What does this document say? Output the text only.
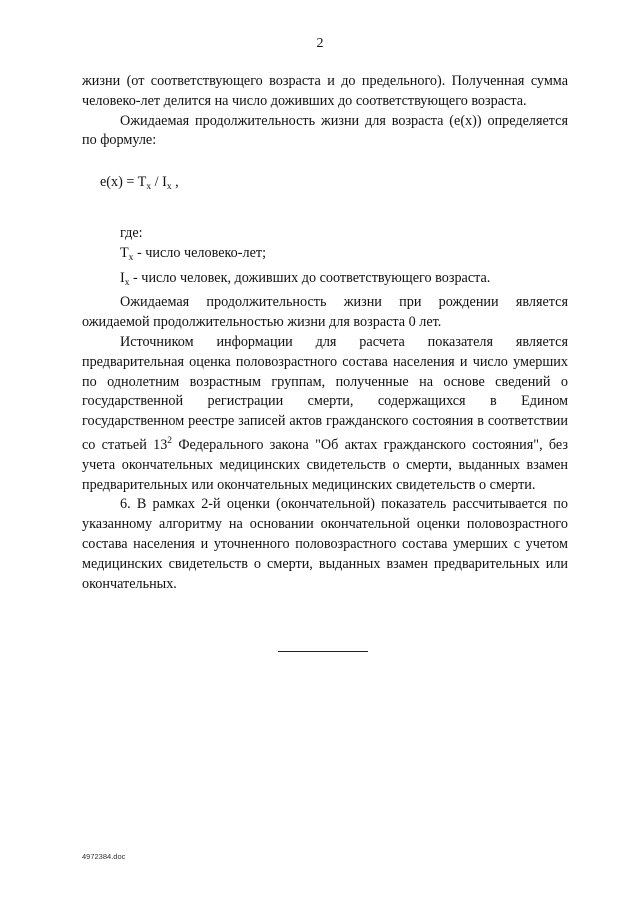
2

жизни (от соответствующего возраста и до предельного). Полученная сумма человеко-лет делится на число доживших до соответствующего возраста.

Ожидаемая продолжительность жизни для возраста (e(x)) определяется по формуле:

$e(x) = T_x / I_x$ ,

где:

$T_x$ - число человеко-лет;

$I_x$ - число человек, доживших до соответствующего возраста.

Ожидаемая продолжительность жизни при рождении является ожидаемой продолжительностью жизни для возраста 0 лет.

Источником информации для расчета показателя является предварительная оценка половозрастного состава населения и число умерших по однолетним возрастным группам, полученные на основе сведений о государственной регистрации смерти, содержащихся в Едином государственном реестре записей актов гражданского состояния в соответствии со статьей $13^2$ Федерального закона "Об актах гражданского состояния", без учета окончательных медицинских свидетельств о смерти, выданных взамен предварительных или окончательных медицинских свидетельств о смерти.

6. В рамках 2-й оценки (окончательной) показатель рассчитывается по указанному алгоритму на основании окончательной оценки половозрастного состава населения и уточненного половозрастного состава умерших с учетом медицинских свидетельств о смерти, выданных взамен предварительных или окончательных.

4972384.doc
